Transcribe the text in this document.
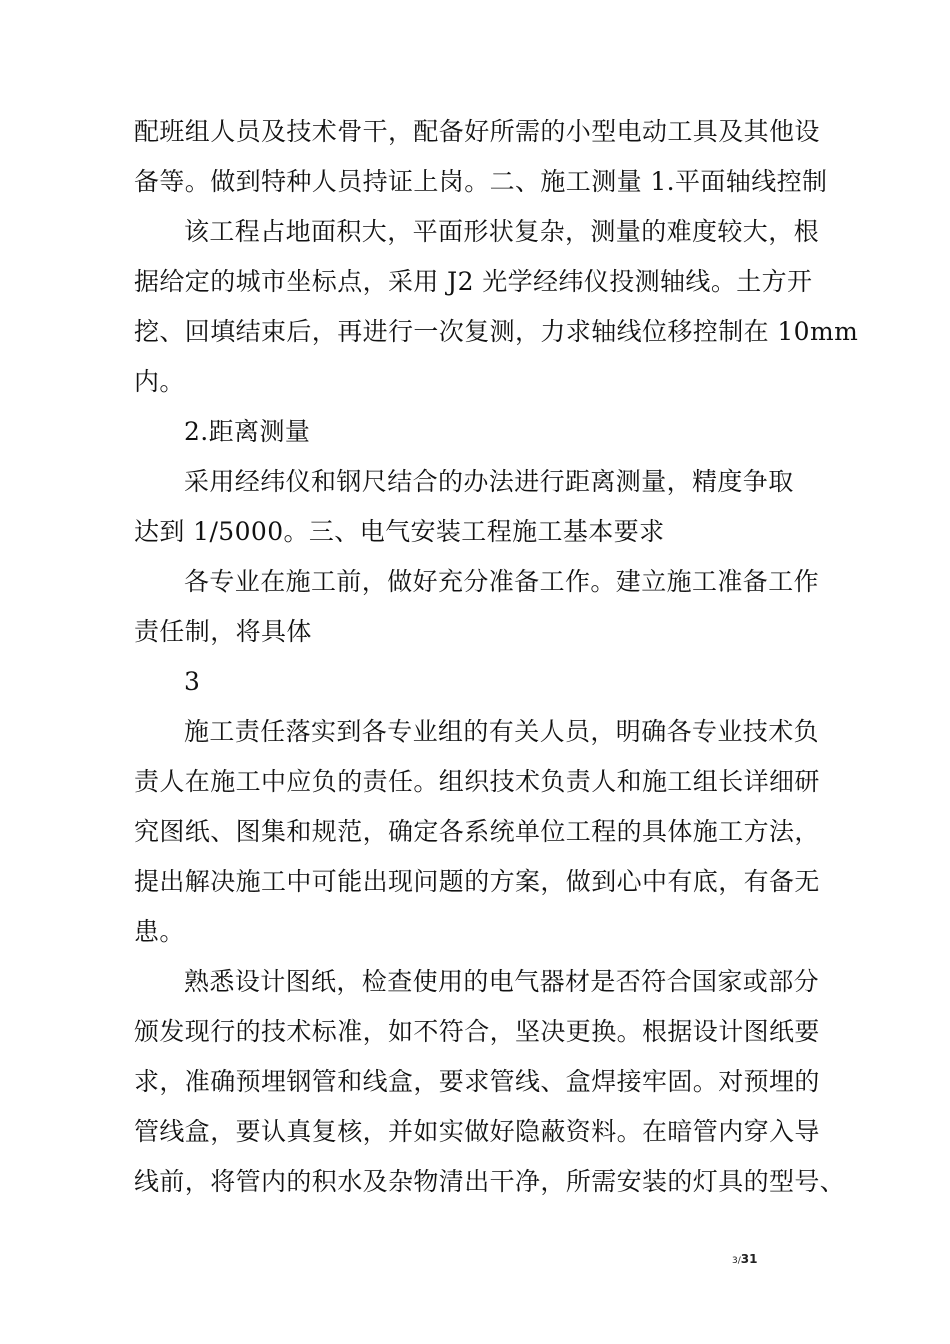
配班组人员及技术骨干，配备好所需的小型电动工具及其他设
备等。做到特种人员持证上岗。二、施工测量 1.平面轴线控制
该工程占地面积大，平面形状复杂，测量的难度较大，根
据给定的城市坐标点，采用 J2 光学经纬仪投测轴线。土方开
挖、回填结束后，再进行一次复测，力求轴线位移控制在 10mm
内。
2.距离测量
采用经纬仪和钢尺结合的办法进行距离测量，精度争取
达到 1/5000。三、电气安装工程施工基本要求
各专业在施工前，做好充分准备工作。建立施工准备工作
责任制，将具体
3
施工责任落实到各专业组的有关人员，明确各专业技术负
责人在施工中应负的责任。组织技术负责人和施工组长详细研
究图纸、图集和规范，确定各系统单位工程的具体施工方法，
提出解决施工中可能出现问题的方案，做到心中有底，有备无
患。
熟悉设计图纸，检查使用的电气器材是否符合国家或部分
颁发现行的技术标准，如不符合，坚决更换。根据设计图纸要
求，准确预埋钢管和线盒，要求管线、盒焊接牢固。对预埋的
管线盒，要认真复核，并如实做好隐蔽资料。在暗管内穿入导
线前，将管内的积水及杂物清出干净，所需安装的灯具的型号、
3/31
